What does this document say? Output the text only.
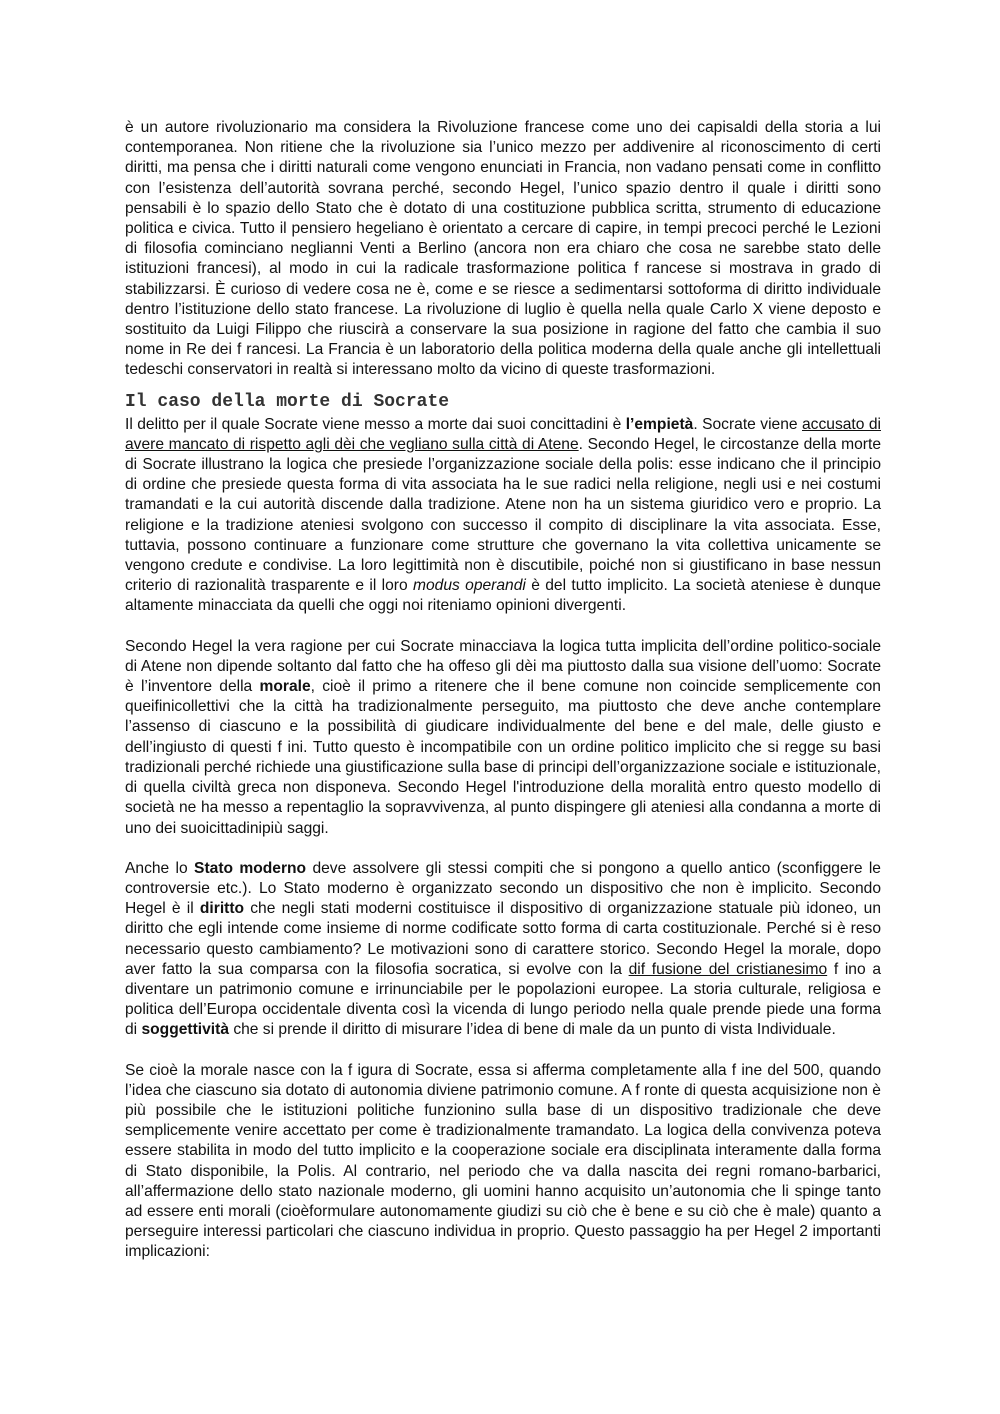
è un autore rivoluzionario ma considera la Rivoluzione francese come uno dei capisaldi della storia a lui contemporanea. Non ritiene che la rivoluzione sia l’unico mezzo per addivenire al riconoscimento di certi diritti, ma pensa che i diritti naturali come vengono enunciati in Francia, non vadano pensati come in conflitto con l’esistenza dell’autorità sovrana perché, secondo Hegel, l’unico spazio dentro il quale i diritti sono pensabili è lo spazio dello Stato che è dotato di una costituzione pubblica scritta, strumento di educazione politica e civica. Tutto il pensiero hegeliano è orientato a cercare di capire, in tempi precoci perché le Lezioni di filosofia cominciano neglianni Venti a Berlino (ancora non era chiaro che cosa ne sarebbe stato delle istituzioni francesi), al modo in cui la radicale trasformazione politica f rancese si mostrava in grado di stabilizzarsi. È curioso di vedere cosa ne è, come e se riesce a sedimentarsi sottoforma di diritto individuale dentro l’istituzione dello stato francese. La rivoluzione di luglio è quella nella quale Carlo X viene deposto e sostituito da Luigi Filippo che riuscirà a conservare la sua posizione in ragione del fatto che cambia il suo nome in Re dei f rancesi. La Francia è un laboratorio della politica moderna della quale anche gli intellettuali tedeschi conservatori in realtà si interessano molto da vicino di queste trasformazioni.

Il caso della morte di Socrate

Il delitto per il quale Socrate viene messo a morte dai suoi concittadini è l’empietà. Socrate viene accusato di avere mancato di rispetto agli dèi che vegliano sulla città di Atene. Secondo Hegel, le circostanze della morte di Socrate illustrano la logica che presiede l’organizzazione sociale della polis: esse indicano che il principio di ordine che presiede questa forma di vita associata ha le sue radici nella religione, negli usi e nei costumi tramandati e la cui autorità discende dalla tradizione. Atene non ha un sistema giuridico vero e proprio. La religione e la tradizione ateniesi svolgono con successo il compito di disciplinare la vita associata. Esse, tuttavia, possono continuare a funzionare come strutture che governano la vita collettiva unicamente se vengono credute e condivise. La loro legittimità non è discutibile, poiché non si giustificano in base nessun criterio di razionalità trasparente e il loro modus operandi è del tutto implicito. La società ateniese è dunque altamente minacciata da quelli che oggi noi riteniamo opinioni divergenti.

Secondo Hegel la vera ragione per cui Socrate minacciava la logica tutta implicita dell’ordine politico-sociale di Atene non dipende soltanto dal fatto che ha offeso gli dèi ma piuttosto dalla sua visione dell’uomo: Socrate è l’inventore della morale, cioè il primo a ritenere che il bene comune non coincide semplicemente con queifinicollettivi che la città ha tradizionalmente perseguito, ma piuttosto che deve anche contemplare l’assenso di ciascuno e la possibilità di giudicare individualmente del bene e del male, delle giusto e dell’ingiusto di questi f ini. Tutto questo è incompatibile con un ordine politico implicito che si regge su basi tradizionali perché richiede una giustificazione sulla base di principi dell’organizzazione sociale e istituzionale, di quella civiltà greca non disponeva. Secondo Hegel l'introduzione della moralità entro questo modello di società ne ha messo a repentaglio la sopravvivenza, al punto dispingere gli ateniesi alla condanna a morte di uno dei suoicittadinipiù saggi.

Anche lo Stato moderno deve assolvere gli stessi compiti che si pongono a quello antico (sconfiggere le controversie etc.). Lo Stato moderno è organizzato secondo un dispositivo che non è implicito. Secondo Hegel è il diritto che negli stati moderni costituisce il dispositivo di organizzazione statuale più idoneo, un diritto che egli intende come insieme di norme codificate sotto forma di carta costituzionale. Perché si è reso necessario questo cambiamento? Le motivazioni sono di carattere storico. Secondo Hegel la morale, dopo aver fatto la sua comparsa con la filosofia socratica, si evolve con la dif fusione del cristianesimo f ino a diventare un patrimonio comune e irrinunciabile per le popolazioni europee. La storia culturale, religiosa e politica dell’Europa occidentale diventa così la vicenda di lungo periodo nella quale prende piede una forma di soggettività che si prende il diritto di misurare l’idea di bene di male da un punto di vista Individuale.

Se cioè la morale nasce con la f igura di Socrate, essa si afferma completamente alla f ine del 500, quando l’idea che ciascuno sia dotato di autonomia diviene patrimonio comune. A f ronte di questa acquisizione non è più possibile che le istituzioni politiche funzionino sulla base di un dispositivo tradizionale che deve semplicemente venire accettato per come è tradizionalmente tramandato. La logica della convivenza poteva essere stabilita in modo del tutto implicito e la cooperazione sociale era disciplinata interamente dalla forma di Stato disponibile, la Polis. Al contrario, nel periodo che va dalla nascita dei regni romano-barbarici, all’affermazione dello stato nazionale moderno, gli uomini hanno acquisito un’autonomia che li spinge tanto ad essere enti morali (cioèformulare autonomamente giudizi su ciò che è bene e su ciò che è male) quanto a perseguire interessi particolari che ciascuno individua in proprio. Questo passaggio ha per Hegel 2 importanti implicazioni:
